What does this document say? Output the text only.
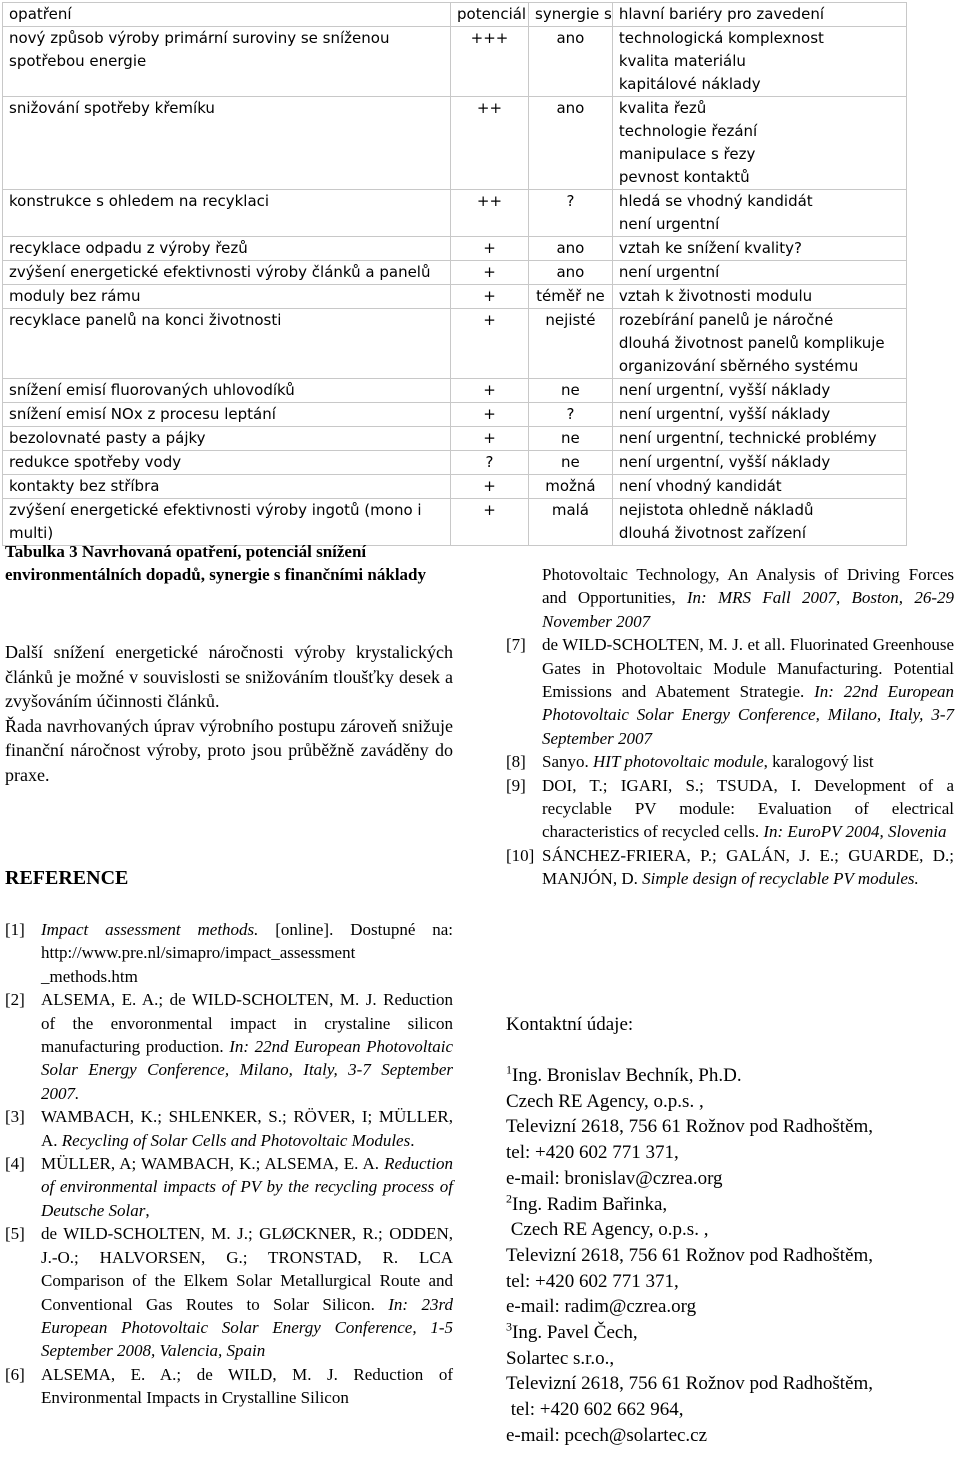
opatření	potenciál	synergie s	hlavní bariéry pro zavedení
nový způsob výroby primární suroviny se sníženou spotřebou energie	+++	ano	technologická komplexnost
kvalita materiálu
kapitálové náklady

snižování spotřeby křemíku	++	ano	kvalita řezů
technologie řezání
manipulace s řezy
pevnost kontaktů

konstrukce s ohledem na recyklaci	++	?	hledá se vhodný kandidát
není urgentní

recyklace odpadu z výroby řezů	+	ano	vztah ke snížení kvality?

zvýšení energetické efektivnosti výroby článků a panelů	+	ano	není urgentní

moduly bez rámu	+	téměř ne	vztah k životnosti modulu

recyklace panelů na konci životnosti	+	nejisté	rozebírání panelů je náročné
dlouhá životnost panelů komplikuje
organizování sběrného systému

snížení emisí fluorovaných uhlovodíků	+	ne	není urgentní, vyšší náklady

snížení emisí NOx z procesu leptání	+	?	není urgentní, vyšší náklady

bezolovnaté pasty a pájky	+	ne	není urgentní, technické problémy

redukce spotřeby vody	?	ne	není urgentní, vyšší náklady

kontakty bez stříbra	+	možná	není vhodný kandidát

zvýšení energetické efektivnosti výroby ingotů (mono i multi)	+	malá	nejistota ohledně nákladů
dlouhá životnost zařízení

Tabulka 3 Navrhovaná opatření, potenciál snížení environmentálních dopadů, synergie s finančními náklady

Další snížení energetické náročnosti výroby krystalických článků je možné v souvislosti se snižováním tloušťky desek a zvyšováním účinnosti článků.
Řada navrhovaných úprav výrobního postupu zároveň snižuje finanční náročnost výroby, proto jsou průběžně zaváděny do praxe.
REFERENCE
[1] Impact assessment methods. [online]. Dostupné na: http://www.pre.nl/simapro/impact_assessment _methods.htm
[2] ALSEMA, E. A.; de WILD-SCHOLTEN, M. J. Reduction of the envoronmental impact in crystaline silicon manufacturing production. In: 22nd European Photovoltaic Solar Energy Conference, Milano, Italy, 3-7 September 2007.
[3] WAMBACH, K.; SHLENKER, S.; RÖVER, I; MÜLLER, A. Recycling of Solar Cells and Photovoltaic Modules.
[4] MÜLLER, A; WAMBACH, K.; ALSEMA, E. A. Reduction of environmental impacts of PV by the recycling process of Deutsche Solar,
[5] de WILD-SCHOLTEN, M. J.; GLØCKNER, R.; ODDEN, J.-O.; HALVORSEN, G.; TRONSTAD, R. LCA Comparison of the Elkem Solar Metallurgical Route and Conventional Gas Routes to Solar Silicon. In: 23rd European Photovoltaic Solar Energy Conference, 1-5 September 2008, Valencia, Spain
[6] ALSEMA, E. A.; de WILD, M. J. Reduction of Environmental Impacts in Crystalline Silicon
Photovoltaic Technology, An Analysis of Driving Forces and Opportunities, In: MRS Fall 2007, Boston, 26-29 November 2007
[7] de WILD-SCHOLTEN, M. J. et all. Fluorinated Greenhouse Gates in Photovoltaic Module Manufacturing. Potential Emissions and Abatement Strategie. In: 22nd European Photovoltaic Solar Energy Conference, Milano, Italy, 3-7 September 2007
[8] Sanyo. HIT photovoltaic module, karalogový list
[9] DOI, T.; IGARI, S.; TSUDA, I. Development of a recyclable PV module: Evaluation of electrical characteristics of recycled cells. In: EuroPV 2004, Slovenia
[10] SÁNCHEZ-FRIERA, P.; GALÁN, J. E.; GUARDE, D.; MANJÓN, D. Simple design of recyclable PV modules.
Kontaktní údaje:
$^1$Ing. Bronislav Bechník, Ph.D.
Czech RE Agency, o.p.s. ,
Televizní 2618, 756 61 Rožnov pod Radhoštěm,
tel: +420 602 771 371,
e-mail: bronislav@czrea.org
$^2$Ing. Radim Bařinka,
Czech RE Agency, o.p.s. ,
Televizní 2618, 756 61 Rožnov pod Radhoštěm,
tel: +420 602 771 371,
e-mail: radim@czrea.org
$^3$Ing. Pavel Čech,
Solartec s.r.o.,
Televizní 2618, 756 61 Rožnov pod Radhoštěm,
tel: +420 602 662 964,
e-mail: pcech@solartec.cz
